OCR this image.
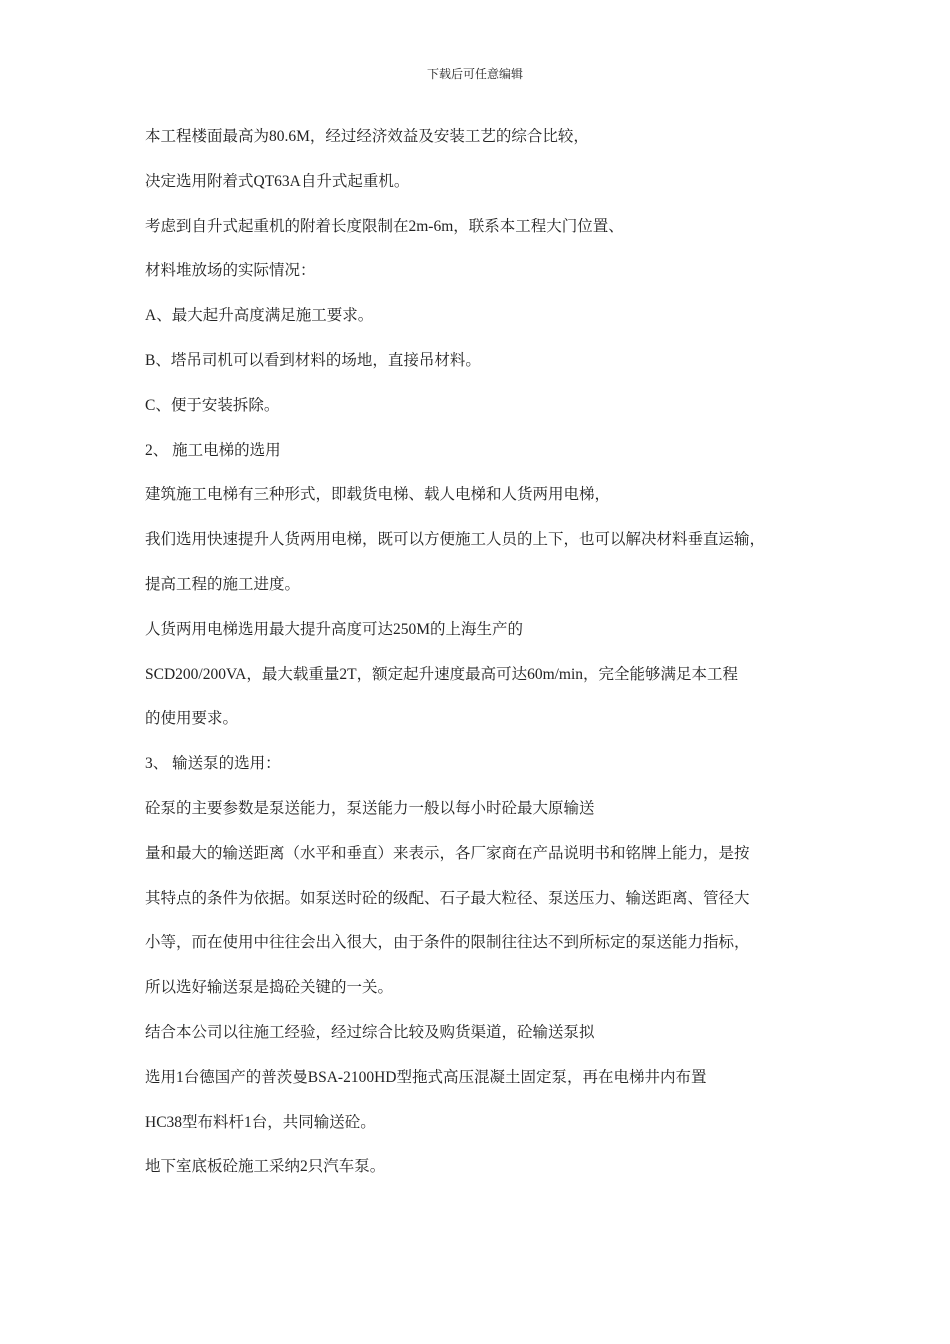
下载后可任意编辑
本工程楼面最高为80.6M，经过经济效益及安装工艺的综合比较，
决定选用附着式QT63A自升式起重机。
考虑到自升式起重机的附着长度限制在2m-6m，联系本工程大门位置、
材料堆放场的实际情况：
A、最大起升高度满足施工要求。
B、塔吊司机可以看到材料的场地，直接吊材料。
C、便于安装拆除。
2、 施工电梯的选用
建筑施工电梯有三种形式，即载货电梯、载人电梯和人货两用电梯，
我们选用快速提升人货两用电梯，既可以方便施工人员的上下，也可以解决材料垂直运输，
提高工程的施工进度。
人货两用电梯选用最大提升高度可达250M的上海生产的
SCD200/200VA，最大载重量2T，额定起升速度最高可达60m/min，完全能够满足本工程
的使用要求。
3、 输送泵的选用：
砼泵的主要参数是泵送能力，泵送能力一般以每小时砼最大原输送
量和最大的输送距离（水平和垂直）来表示，各厂家商在产品说明书和铭牌上能力，是按
其特点的条件为依据。如泵送时砼的级配、石子最大粒径、泵送压力、输送距离、管径大
小等，而在使用中往往会出入很大，由于条件的限制往往达不到所标定的泵送能力指标，
所以选好输送泵是捣砼关键的一关。
结合本公司以往施工经验，经过综合比较及购货渠道，砼输送泵拟
选用1台德国产的普茨曼BSA-2100HD型拖式高压混凝土固定泵，再在电梯井内布置
HC38型布料杆1台，共同输送砼。
地下室底板砼施工采纳2只汽车泵。
